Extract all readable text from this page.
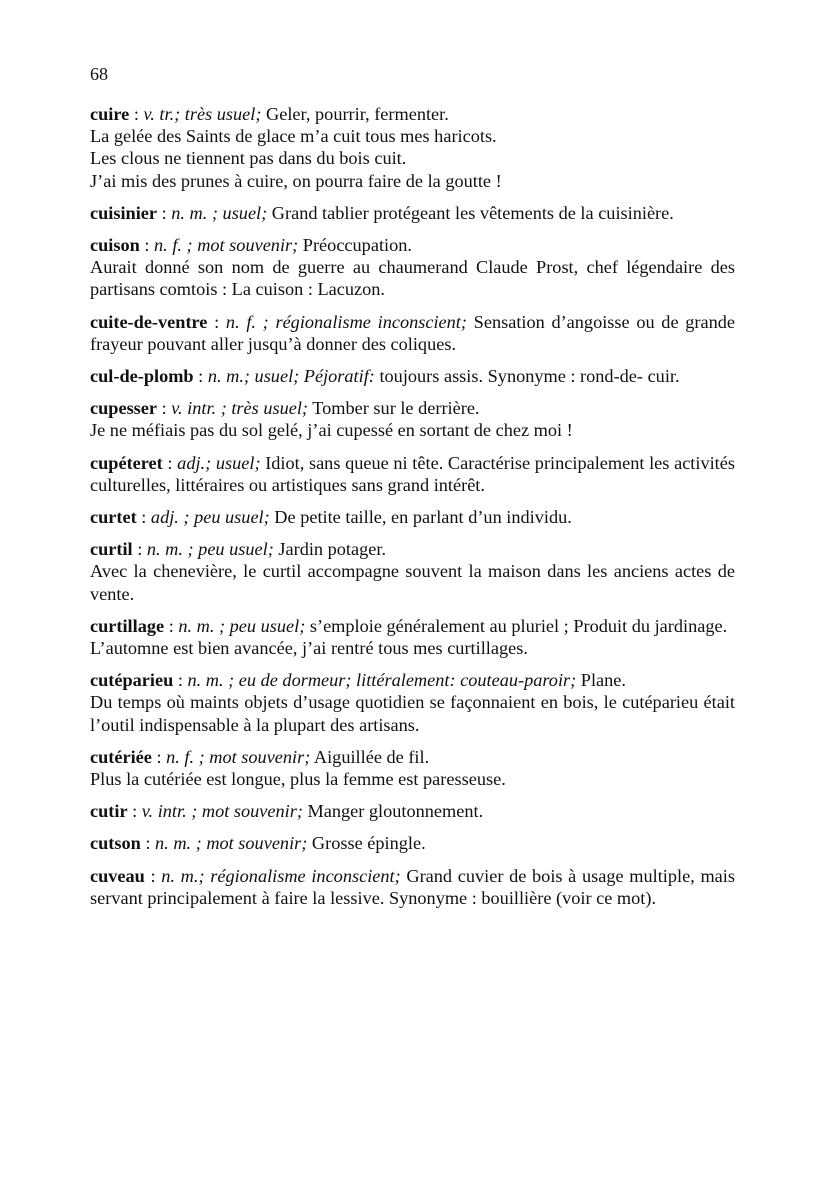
68

cuire : v. tr.; très usuel; Geler, pourrir, fermenter.

La gelée des Saints de glace m’a cuit tous mes haricots.

Les clous ne tiennent pas dans du bois cuit.

J’ai mis des prunes à cuire, on pourra faire de la goutte !

cuisinier : n. m. ; usuel; Grand tablier protégeant les vêtements de la cuisinière.

cuison : n. f. ; mot souvenir; Préoccupation.

Aurait donné son nom de guerre au chaumerand Claude Prost, chef légendaire des partisans comtois : La cuison : Lacuzon.

cuite-de-ventre : n. f. ; régionalisme inconscient; Sensation d’angoisse ou de grande frayeur pouvant aller jusqu’à donner des coliques.

cul-de-plomb : n. m.; usuel; Péjoratif: toujours assis. Synonyme : rond-de- cuir.

cupesser : v. intr. ; très usuel; Tomber sur le derrière.

Je ne méfiais pas du sol gelé, j’ai cupessé en sortant de chez moi !

cupéteret : adj.; usuel; Idiot, sans queue ni tête. Caractérise principalement les activités culturelles, littéraires ou artistiques sans grand intérêt.

curtet : adj. ; peu usuel; De petite taille, en parlant d’un individu.

curtil : n. m. ; peu usuel; Jardin potager.

Avec la chenevière, le curtil accompagne souvent la maison dans les anciens actes de vente.

curtillage : n. m. ; peu usuel; s’emploie généralement au pluriel ; Produit du jardinage.

L’automne est bien avancée, j’ai rentré tous mes curtillages.

cutéparieu : n. m. ; eu de dormeur; littéralement: couteau-paroir; Plane.

Du temps où maints objets d’usage quotidien se façonnaient en bois, le cutéparieu était l’outil indispensable à la plupart des artisans.

cutériée : n. f. ; mot souvenir; Aiguillée de fil.

Plus la cutériée est longue, plus la femme est paresseuse.

cutir : v. intr. ; mot souvenir; Manger gloutonnement.

cutson : n. m. ; mot souvenir; Grosse épingle.

cuveau : n. m.; régionalisme inconscient; Grand cuvier de bois à usage multiple, mais servant principalement à faire la lessive. Synonyme : bouillière (voir ce mot).
